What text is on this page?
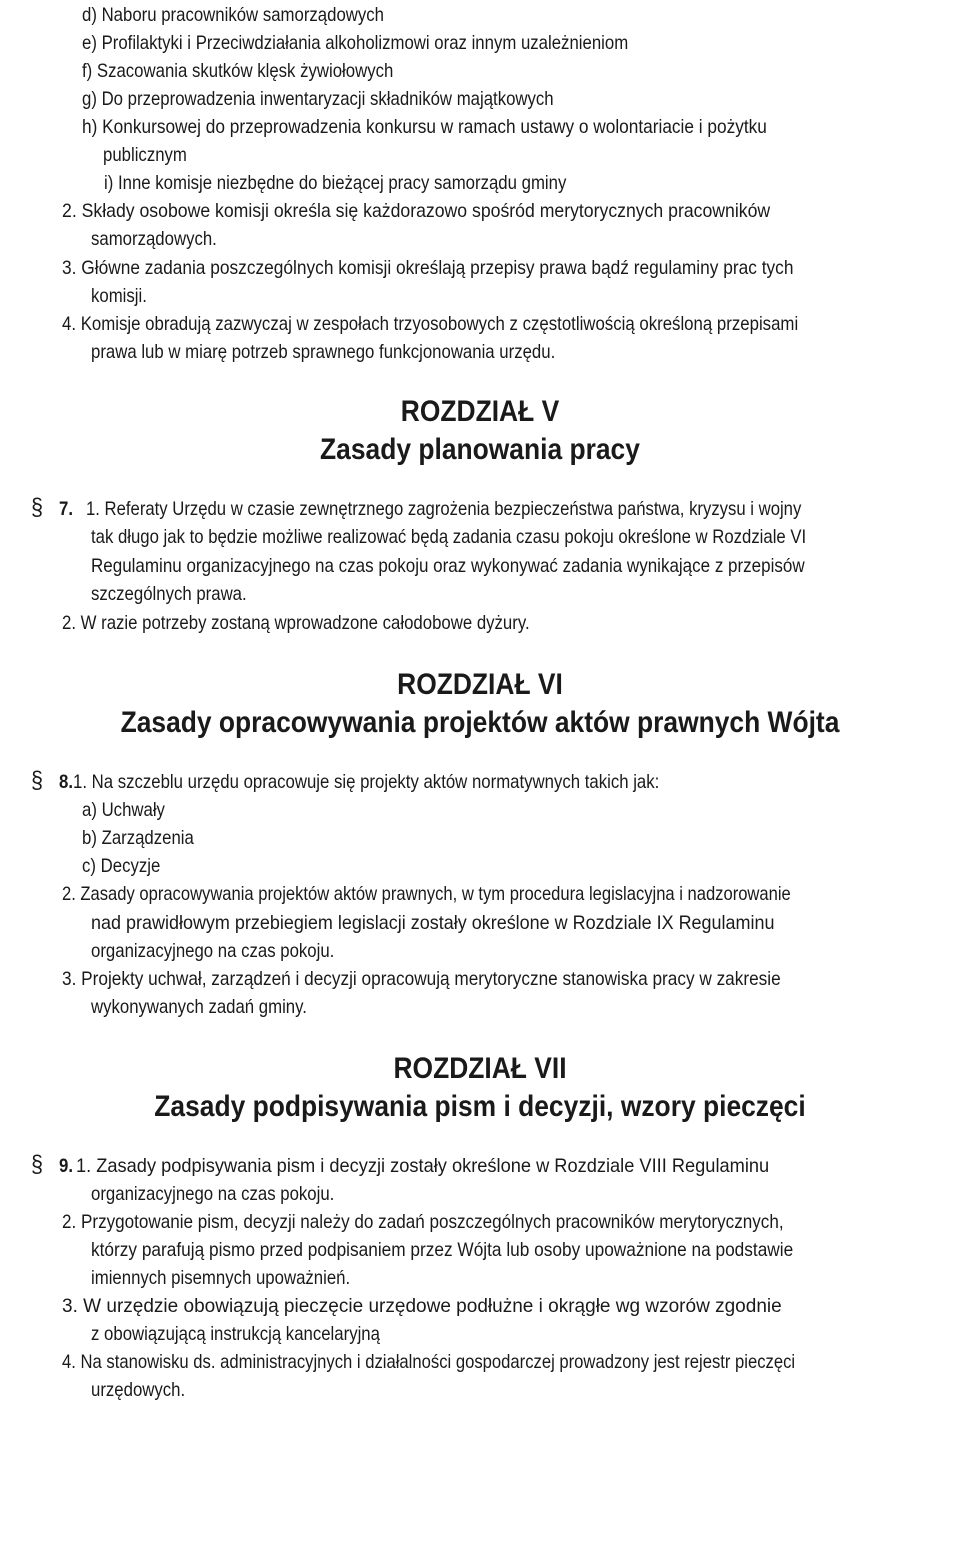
d) Naboru pracowników samorządowych
e) Profilaktyki i Przeciwdziałania alkoholizmowi oraz innym uzależnieniom
f) Szacowania skutków klęsk żywiołowych
g) Do przeprowadzenia inwentaryzacji składników majątkowych
h) Konkursowej do przeprowadzenia konkursu w ramach ustawy o wolontariacie i pożytku
publicznym
i) Inne komisje niezbędne do bieżącej pracy samorządu gminy
2. Składy osobowe komisji określa się każdorazowo spośród merytorycznych pracowników
samorządowych.
3. Główne zadania poszczególnych komisji określają przepisy prawa bądź regulaminy prac tych
komisji.
4. Komisje obradują zazwyczaj w zespołach trzyosobowych z częstotliwością określoną przepisami
prawa lub w miarę potrzeb sprawnego funkcjonowania urzędu.
ROZDZIAŁ V
Zasady planowania pracy
§ 7. 1. Referaty Urzędu w czasie zewnętrznego zagrożenia bezpieczeństwa państwa, kryzysu i wojny
tak długo jak to będzie możliwe realizować będą zadania czasu pokoju określone w Rozdziale VI
Regulaminu organizacyjnego na czas pokoju oraz wykonywać zadania wynikające z przepisów
szczególnych prawa.
2. W razie potrzeby zostaną wprowadzone całodobowe dyżury.
ROZDZIAŁ VI
Zasady opracowywania projektów aktów prawnych Wójta
§ 8. 1. Na szczeblu urzędu opracowuje się projekty aktów normatywnych takich jak:
a) Uchwały
b) Zarządzenia
c) Decyzje
2. Zasady opracowywania projektów aktów prawnych, w tym procedura legislacyjna i nadzorowanie
nad prawidłowym przebiegiem legislacji zostały określone w Rozdziale IX Regulaminu
organizacyjnego na czas pokoju.
3. Projekty uchwał, zarządzeń i decyzji opracowują merytoryczne stanowiska pracy w zakresie
wykonywanych zadań gminy.
ROZDZIAŁ VII
Zasady podpisywania pism i decyzji, wzory pieczęci
§ 9. 1. Zasady podpisywania pism i decyzji zostały określone w Rozdziale VIII Regulaminu
organizacyjnego na czas pokoju.
2. Przygotowanie pism, decyzji należy do zadań poszczególnych pracowników merytorycznych,
którzy parafują pismo przed podpisaniem przez Wójta lub osoby upoważnione na podstawie
imiennych pisemnych upoważnień.
3. W urzędzie obowiązują pieczęcie urzędowe podłużne i okrągłe wg wzorów zgodnie
z obowiązującą instrukcją kancelaryjną
4. Na stanowisku ds. administracyjnych i działalności gospodarczej prowadzony jest rejestr pieczęci
urzędowych.
